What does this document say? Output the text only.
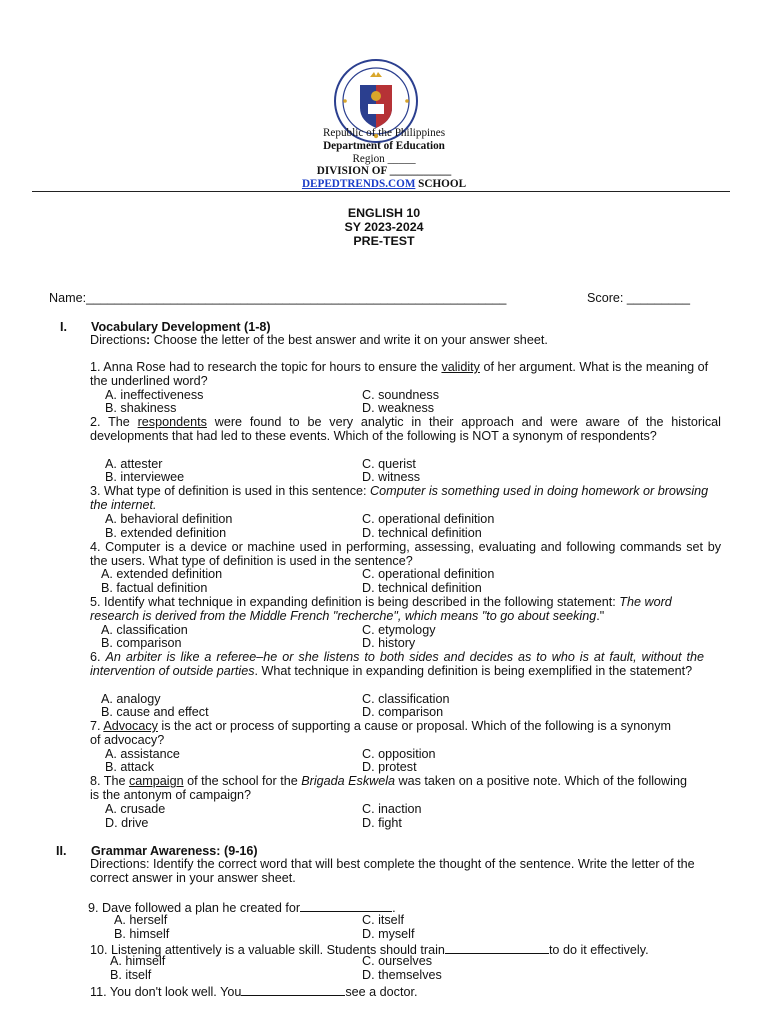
Republic of the Philippines
Department of Education
Region _____
DIVISION OF ___________
DEPEDTRENDS.COM SCHOOL
ENGLISH 10
SY 2023-2024
PRE-TEST
Name:____________________________________________________________	Score: _________
I. Vocabulary Development (1-8)
Directions: Choose the letter of the best answer and write it on your answer sheet.
1. Anna Rose had to research the topic for hours to ensure the validity of her argument. What is the meaning of the underlined word?
A. ineffectiveness	C. soundness
B. shakiness	D. weakness
2. The respondents were found to be very analytic in their approach and were aware of the historical developments that had led to these events. Which of the following is NOT a synonym of respondents?
A. attester	C. querist
B. interviewee	D. witness
3. What type of definition is used in this sentence: Computer is something used in doing homework or browsing the internet.
A. behavioral definition	C. operational definition
B. extended definition	D. technical definition
4. Computer is a device or machine used in performing, assessing, evaluating and following commands set by the users. What type of definition is used in the sentence?
A. extended definition	C. operational definition
B. factual definition	D. technical definition
5. Identify what technique in expanding definition is being described in the following statement: The word research is derived from the Middle French "recherche", which means "to go about seeking."
A. classification	C. etymology
B. comparison	D. history
6. An arbiter is like a referee–he or she listens to both sides and decides as to who is at fault, without the intervention of outside parties. What technique in expanding definition is being exemplified in the statement?
A. analogy	C. classification
B. cause and effect	D. comparison
7. Advocacy is the act or process of supporting a cause or proposal. Which of the following is a synonym of advocacy?
A. assistance	C. opposition
B. attack	D. protest
8. The campaign of the school for the Brigada Eskwela was taken on a positive note. Which of the following is the antonym of campaign?
A. crusade	C. inaction
D. drive	D. fight
II. Grammar Awareness: (9-16)
Directions: Identify the correct word that will best complete the thought of the sentence. Write the letter of the correct answer in your answer sheet.
9. Dave followed a plan he created for	.
A. herself	C. itself
B. himself	D. myself
10. Listening attentively is a valuable skill. Students should train	to do it effectively.
A. himself	C. ourselves
B. itself	D. themselves
11. You don't look well. You	see a doctor.
